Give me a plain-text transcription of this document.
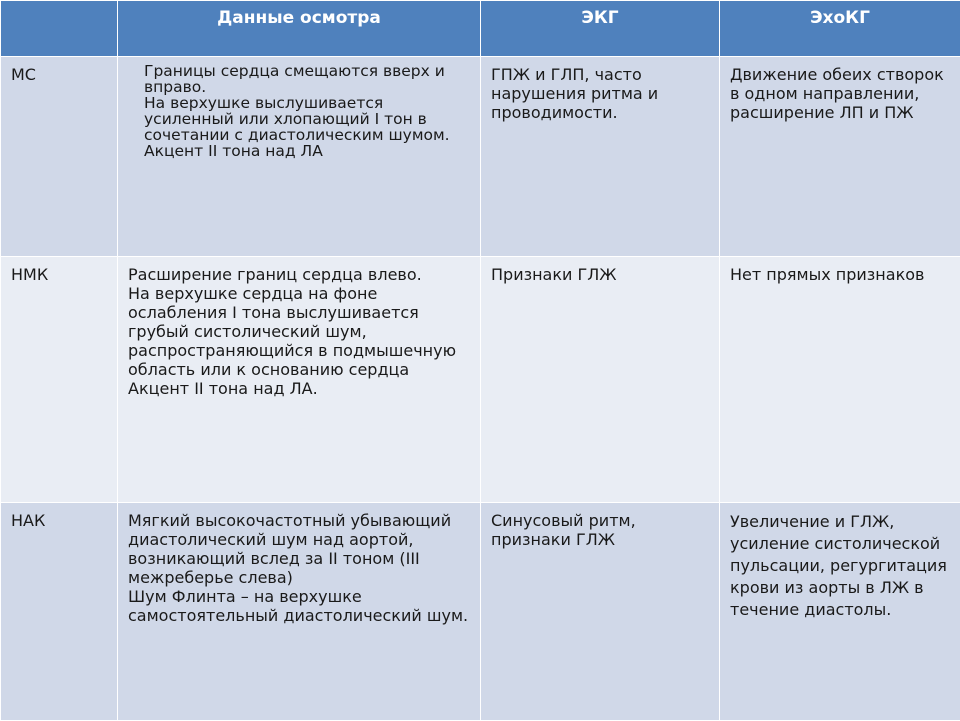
	Данные осмотра	ЭКГ	ЭхоКГ
МС	Границы сердца смещаются вверх и вправо.
На верхушке выслушивается усиленный или хлопающий I тон в сочетании с диастолическим шумом.
Акцент II тона над ЛА	ГПЖ и ГЛП, часто нарушения ритма и проводимости.	Движение обеих створок в одном направлении, расширение ЛП и ПЖ
НМК	Расширение границ сердца влево.
На верхушке сердца на фоне ослабления I тона выслушивается грубый систолический шум, распространяющийся в подмышечную область или к основанию сердца
Акцент II тона над ЛА.	Признаки ГЛЖ	Нет прямых признаков
НАК	Мягкий высокочастотный убывающий диастолический шум над аортой, возникающий вслед за II тоном (III межреберье слева)
Шум Флинта – на верхушке самостоятельный диастолический шум.	Синусовый ритм, признаки ГЛЖ	Увеличение и ГЛЖ, усиление систолической пульсации, регургитация крови из аорты в ЛЖ в течение диастолы.
